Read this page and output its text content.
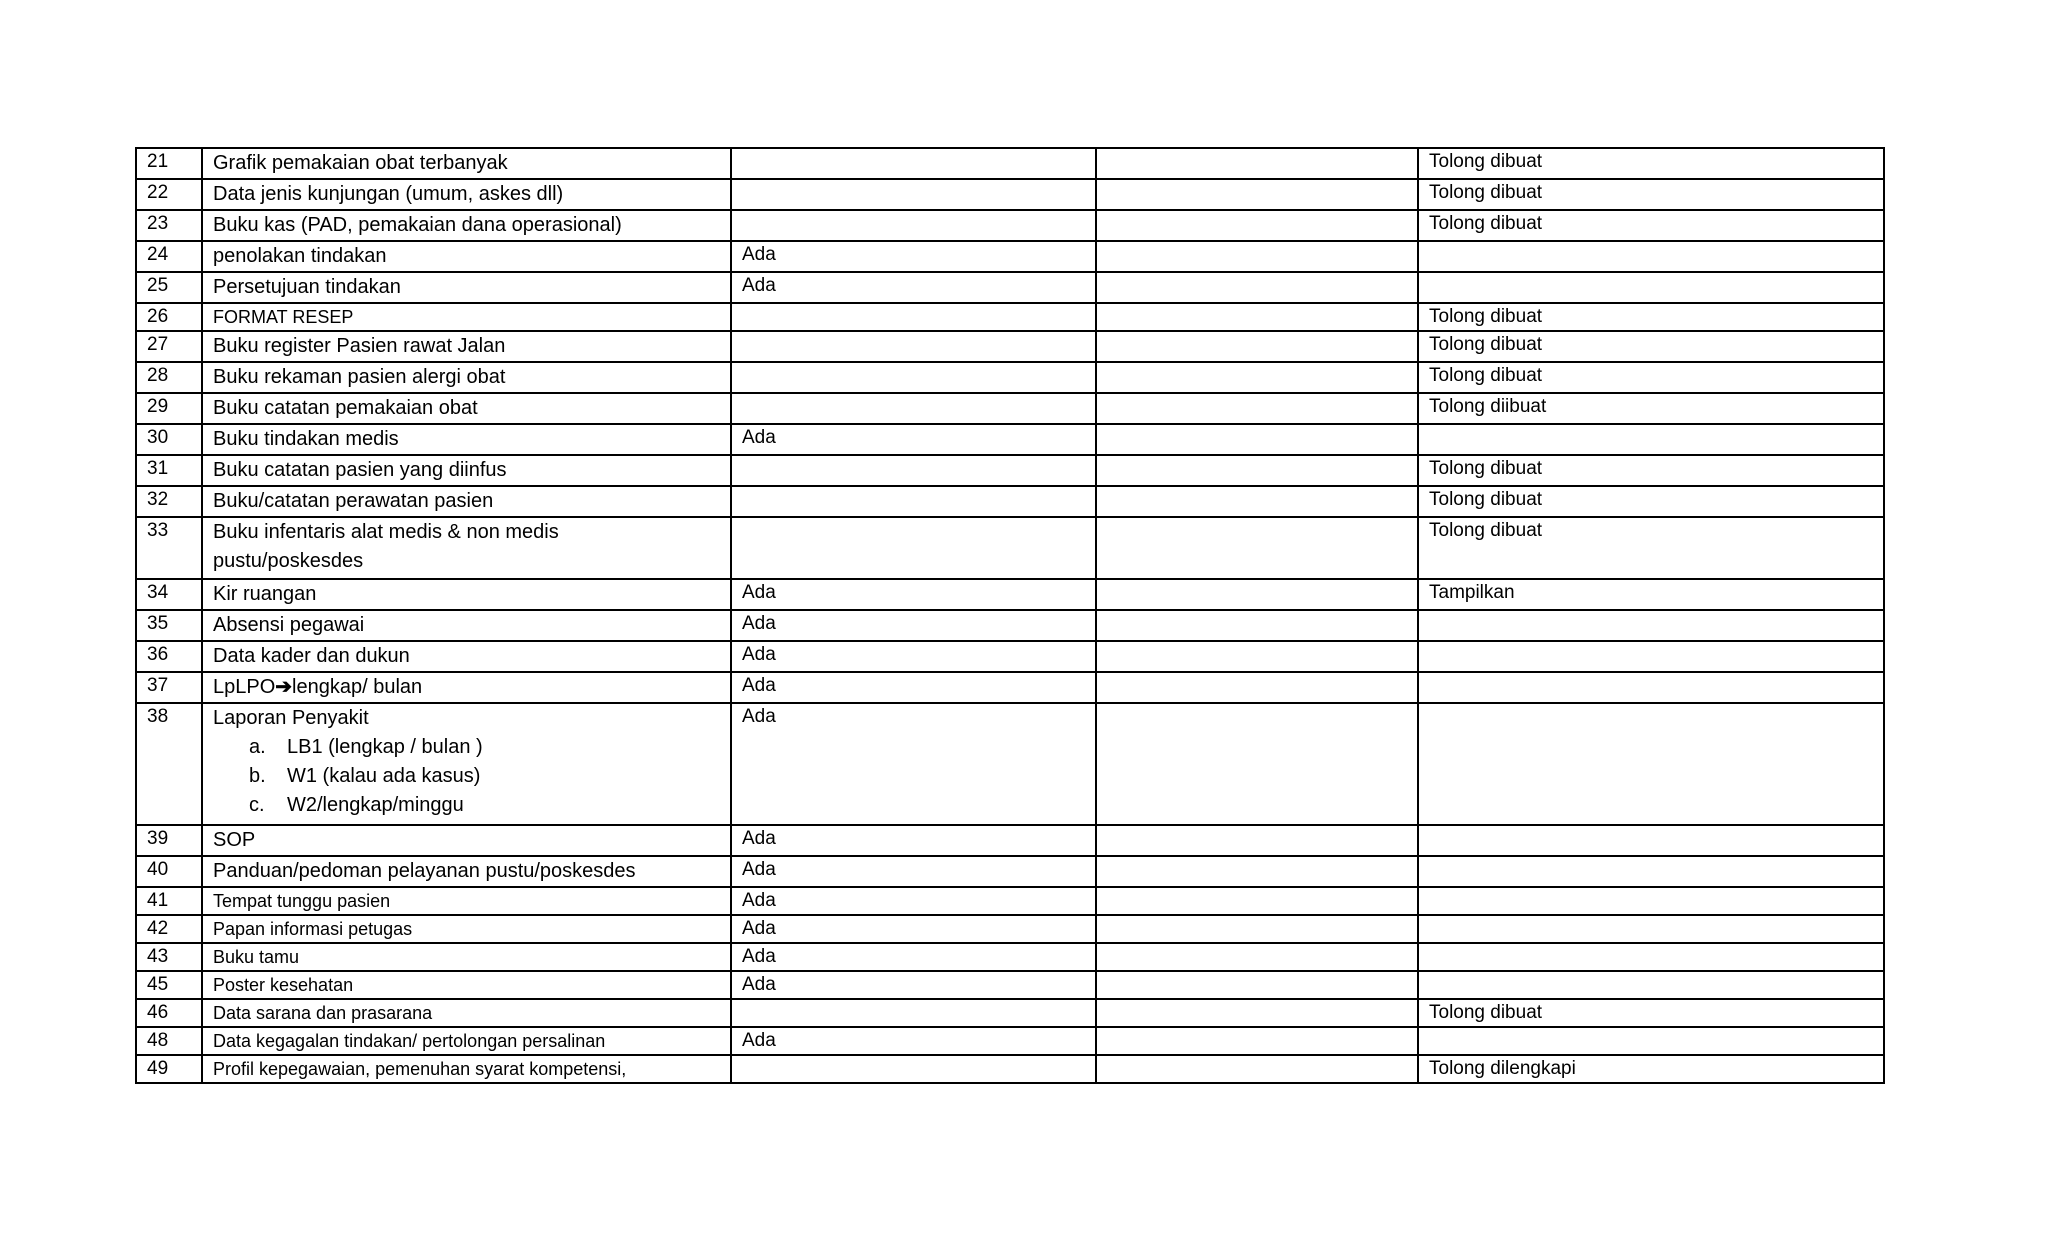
21	Grafik pemakaian obat terbanyak			Tolong dibuat
22	Data jenis kunjungan (umum, askes dll)			Tolong dibuat
23	Buku kas (PAD, pemakaian dana operasional)			Tolong dibuat
24	penolakan tindakan	Ada		
25	Persetujuan tindakan	Ada		
26	FORMAT RESEP			Tolong dibuat
27	Buku register Pasien rawat Jalan			Tolong dibuat
28	Buku rekaman pasien alergi obat			Tolong dibuat
29	Buku catatan pemakaian obat			Tolong diibuat
30	Buku tindakan medis	Ada		
31	Buku catatan pasien yang diinfus			Tolong dibuat
32	Buku/catatan perawatan pasien			Tolong dibuat
33	Buku infentaris alat medis & non medis
pustu/poskesdes			Tolong dibuat
34	Kir ruangan	Ada		Tampilkan
35	Absensi pegawai	Ada		
36	Data kader dan dukun	Ada		
37	LpLPO➔lengkap/ bulan	Ada		
38	Laporan Penyakit
a. LB1 (lengkap / bulan )
b. W1 (kalau ada kasus)
c. W2/lengkap/minggu	Ada		
39	SOP	Ada		
40	Panduan/pedoman pelayanan pustu/poskesdes	Ada		
41	Tempat tunggu pasien	Ada		
42	Papan informasi petugas	Ada		
43	Buku tamu	Ada		
45	Poster kesehatan	Ada		
46	Data sarana dan prasarana			Tolong dibuat
48	Data kegagalan tindakan/ pertolongan persalinan	Ada		
49	Profil kepegawaian, pemenuhan syarat kompetensi,			Tolong dilengkapi
